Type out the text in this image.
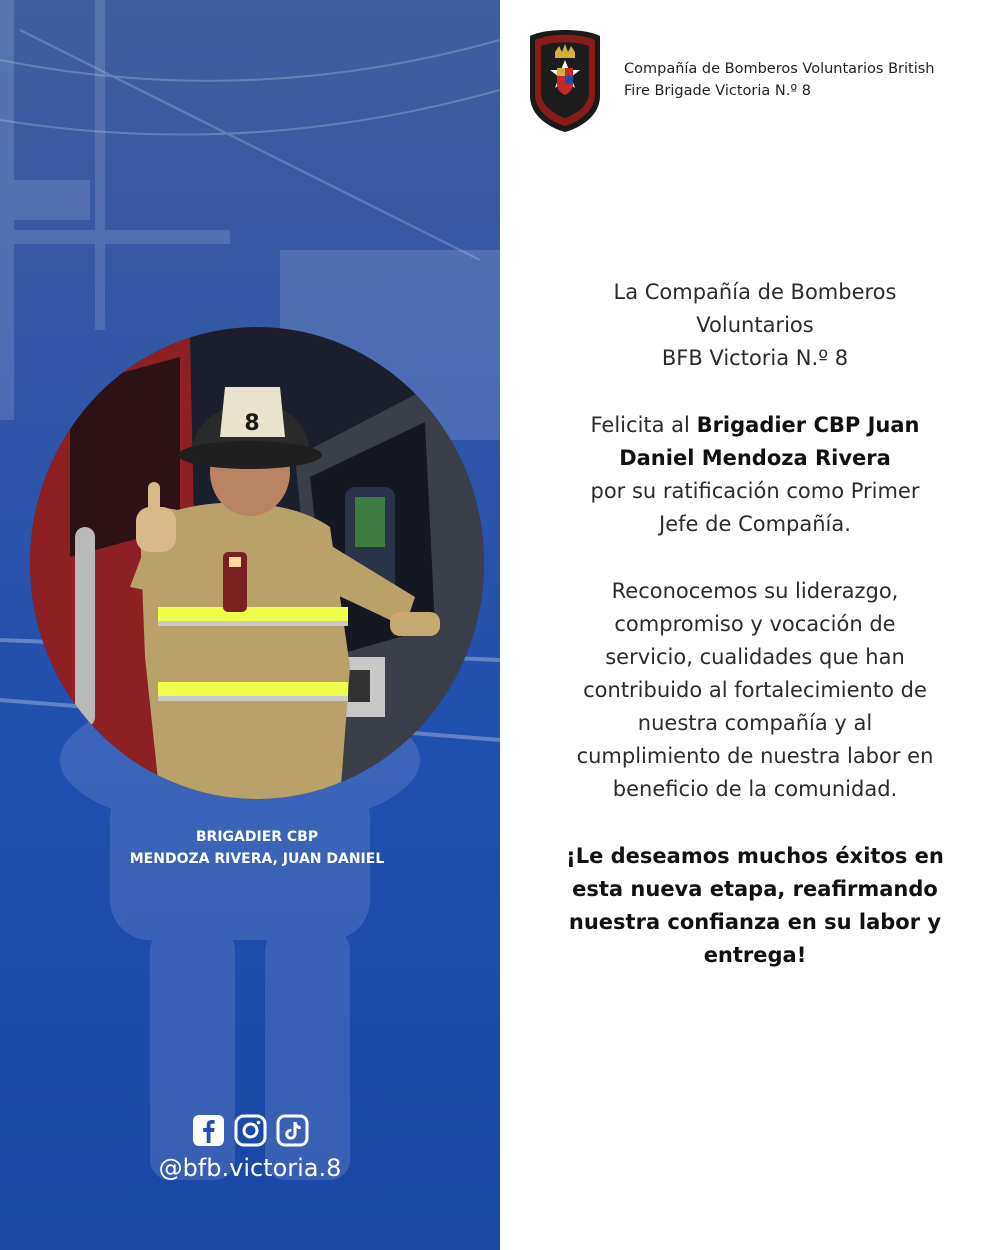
8
BRIGADIER CBP
MENDOZA RIVERA, JUAN DANIEL
@bfb.victoria.8
Compañía de Bomberos Voluntarios British
Fire Brigade Victoria N.º 8

La Compañía de Bomberos

Voluntarios

BFB Victoria N.º 8

Felicita al Brigadier CBP Juan

Daniel Mendoza Rivera

por su ratificación como Primer

Jefe de Compañía.

Reconocemos su liderazgo,

compromiso y vocación de

servicio, cualidades que han

contribuido al fortalecimiento de

nuestra compañía y al

cumplimiento de nuestra labor en

beneficio de la comunidad.

¡Le deseamos muchos éxitos en

esta nueva etapa, reafirmando

nuestra confianza en su labor y

entrega!
